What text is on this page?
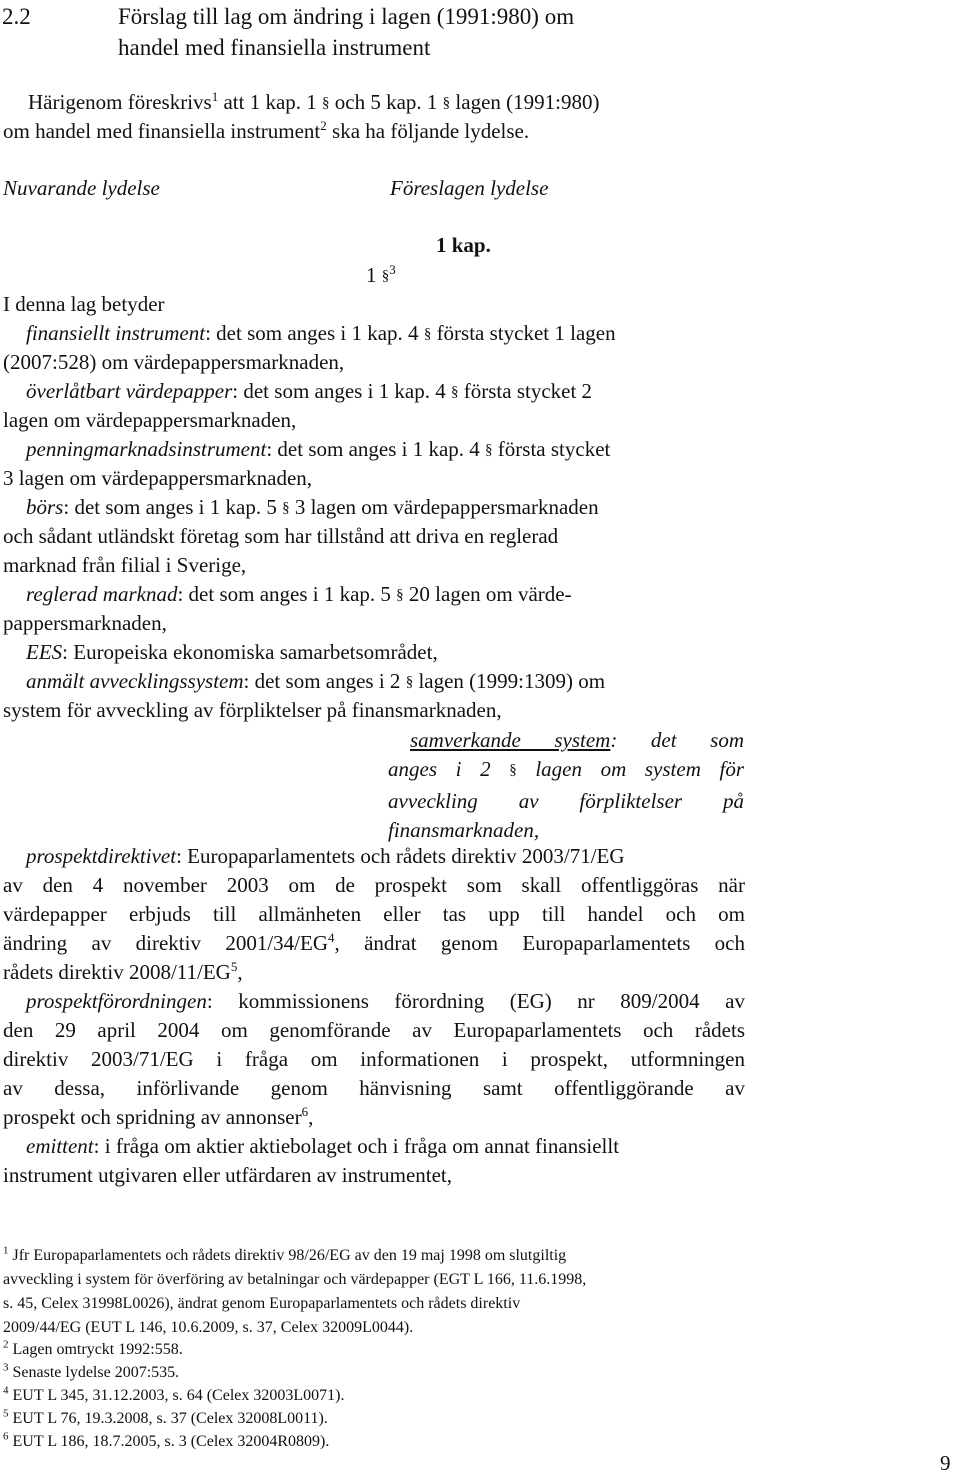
2.2	Förslag till lag om ändring i lagen (1991:980) om
handel med finansiella instrument
Härigenom föreskrivs$^1$ att 1 kap. 1 § och 5 kap. 1 § lagen (1991:980)
om handel med finansiella instrument$^2$ ska ha följande lydelse.
Nuvarande lydelse	Föreslagen lydelse
1 kap.
1 §$^3$
I denna lag betyder
finansiellt instrument: det som anges i 1 kap. 4 § första stycket 1 lagen
(2007:528) om värdepappersmarknaden,
överlåtbart värdepapper: det som anges i 1 kap. 4 § första stycket 2
lagen om värdepappersmarknaden,
penningmarknadsinstrument: det som anges i 1 kap. 4 § första stycket
3 lagen om värdepappersmarknaden,
börs: det som anges i 1 kap. 5 § 3 lagen om värdepappersmarknaden
och sådant utländskt företag som har tillstånd att driva en reglerad
marknad från filial i Sverige,
reglerad marknad: det som anges i 1 kap. 5 § 20 lagen om värde-
pappersmarknaden,
EES: Europeiska ekonomiska samarbetsområdet,
anmält avvecklingssystem: det som anges i 2 § lagen (1999:1309) om
system för avveckling av förpliktelser på finansmarknaden,
samverkande system: det som
anges i 2 § lagen om system för
avveckling av förpliktelser på
finansmarknaden,
prospektdirektivet: Europaparlamentets och rådets direktiv 2003/71/EG
av den 4 november 2003 om de prospekt som skall offentliggöras när
värdepapper erbjuds till allmänheten eller tas upp till handel och om
ändring av direktiv $2001/34/EG^4$, ändrat genom Europaparlamentets och
rådets direktiv $2008/11/EG^5$,
prospektförordningen: kommissionens förordning (EG) nr 809/2004 av
den 29 april 2004 om genomförande av Europaparlamentets och rådets
direktiv 2003/71/EG i fråga om informationen i prospekt, utformningen
av dessa, införlivande genom hänvisning samt offentliggörande av
prospekt och spridning av annonser$^6$,
emittent: i fråga om aktier aktiebolaget och i fråga om annat finansiellt
instrument utgivaren eller utfärdaren av instrumentet,
$^1$ Jfr Europaparlamentets och rådets direktiv 98/26/EG av den 19 maj 1998 om slutgiltig
avveckling i system för överföring av betalningar och värdepapper (EGT L 166, 11.6.1998,
s. 45, Celex 31998L0026), ändrat genom Europaparlamentets och rådets direktiv
2009/44/EG (EUT L 146, 10.6.2009, s. 37, Celex 32009L0044).
$^2$ Lagen omtryckt 1992:558.
$^3$ Senaste lydelse 2007:535.
$^4$ EUT L 345, 31.12.2003, s. 64 (Celex 32003L0071).
$^5$ EUT L 76, 19.3.2008, s. 37 (Celex 32008L0011).
$^6$ EUT L 186, 18.7.2005, s. 3 (Celex 32004R0809).
9
